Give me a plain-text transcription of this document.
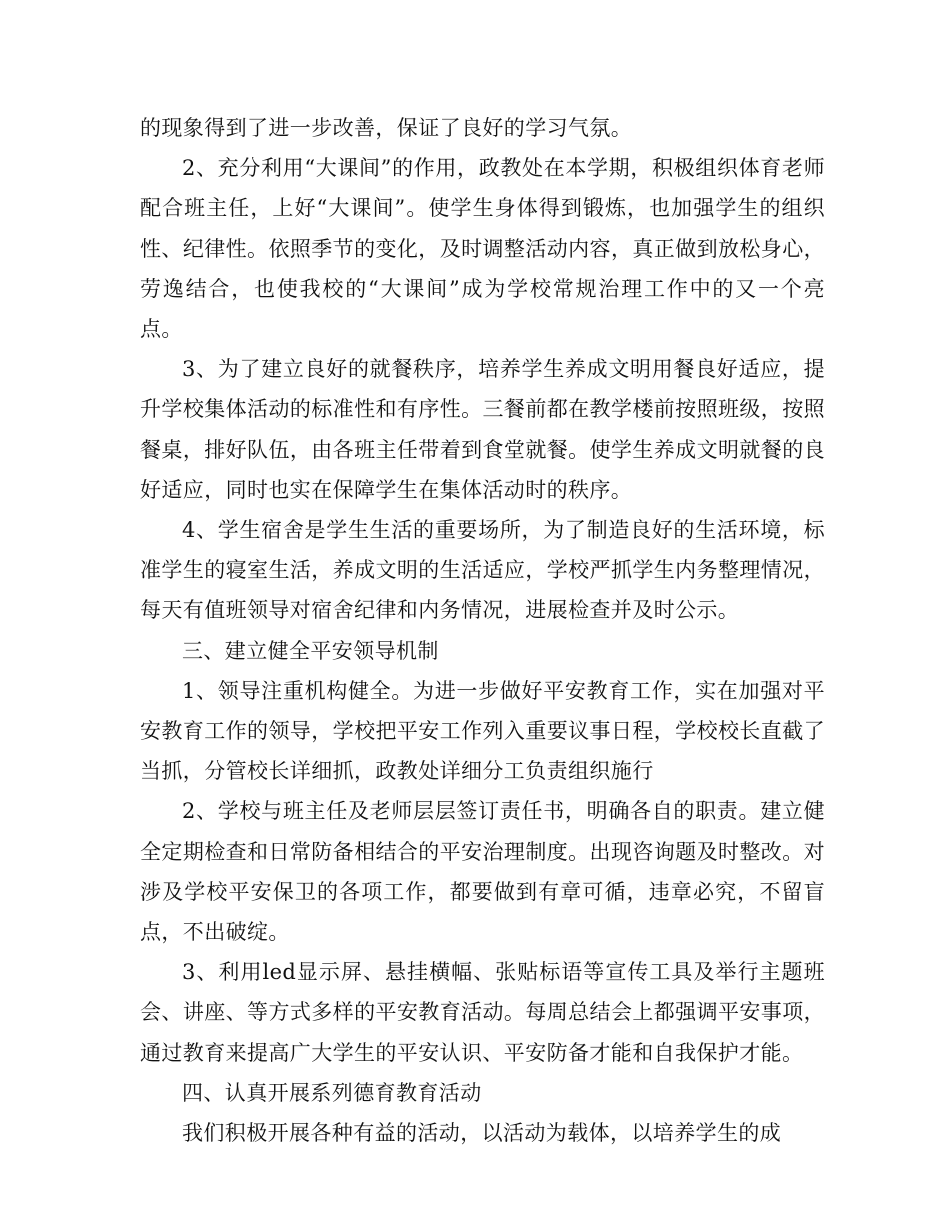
的现象得到了进一步改善，保证了良好的学习气氛。

2、充分利用“大课间”的作用，政教处在本学期，积极组织体育老师配合班主任，上好“大课间”。使学生身体得到锻炼，也加强学生的组织性、纪律性。依照季节的变化，及时调整活动内容，真正做到放松身心，劳逸结合，也使我校的“大课间”成为学校常规治理工作中的又一个亮点。

3、为了建立良好的就餐秩序，培养学生养成文明用餐良好适应，提升学校集体活动的标准性和有序性。三餐前都在教学楼前按照班级，按照餐桌，排好队伍，由各班主任带着到食堂就餐。使学生养成文明就餐的良好适应，同时也实在保障学生在集体活动时的秩序。

4、学生宿舍是学生生活的重要场所，为了制造良好的生活环境，标准学生的寝室生活，养成文明的生活适应，学校严抓学生内务整理情况，每天有值班领导对宿舍纪律和内务情况，进展检查并及时公示。

三、建立健全平安领导机制

1、领导注重机构健全。为进一步做好平安教育工作，实在加强对平安教育工作的领导，学校把平安工作列入重要议事日程，学校校长直截了当抓，分管校长详细抓，政教处详细分工负责组织施行

2、学校与班主任及老师层层签订责任书，明确各自的职责。建立健全定期检查和日常防备相结合的平安治理制度。出现咨询题及时整改。对涉及学校平安保卫的各项工作，都要做到有章可循，违章必究，不留盲点，不出破绽。

3、利用led显示屏、悬挂横幅、张贴标语等宣传工具及举行主题班会、讲座、等方式多样的平安教育活动。每周总结会上都强调平安事项，通过教育来提高广大学生的平安认识、平安防备才能和自我保护才能。

四、认真开展系列德育教育活动

我们积极开展各种有益的活动，以活动为载体，以培养学生的成
